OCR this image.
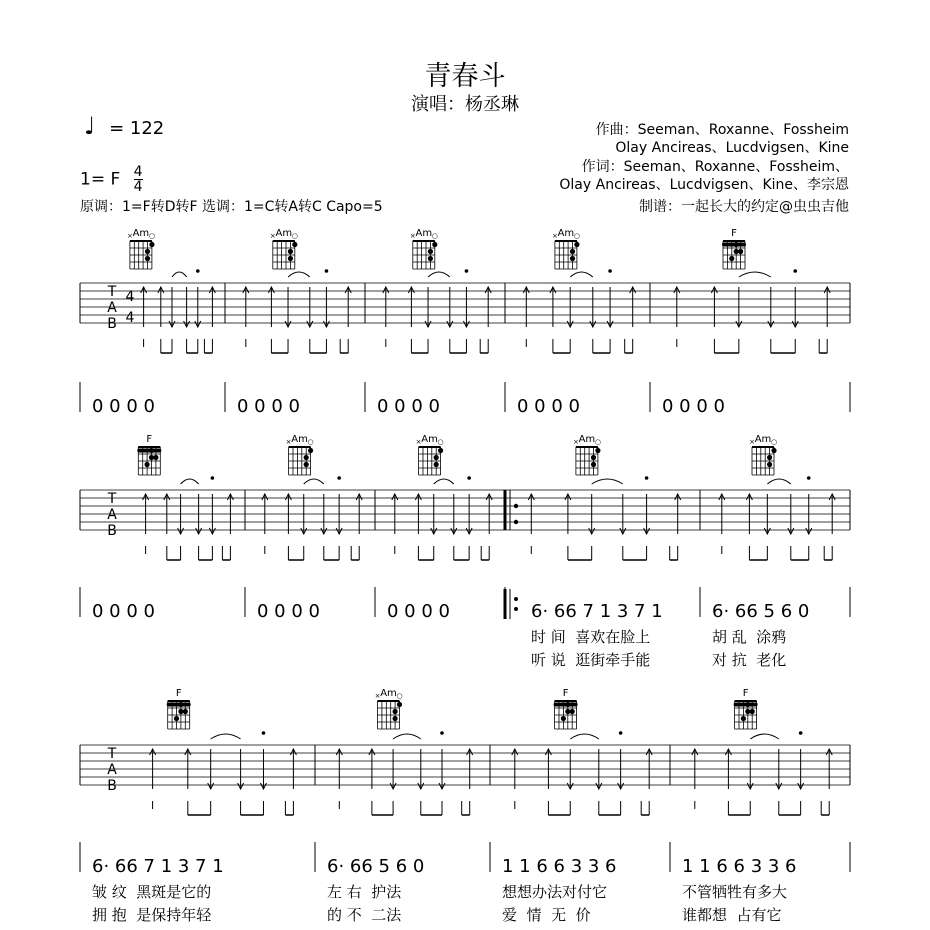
青春斗
演唱：杨丞琳
♩ = 122
1= F $\frac{4}{4}$
作曲：Seeman、Roxanne、Fossheim
Olay Ancireas、Lucdvigsen、Kine
作词：Seeman、Roxanne、Fossheim、
Olay Ancireas、Lucdvigsen、Kine、李宗恩
原调：1=F转D转F 选调：1=C转A转C Capo=5	制谱：一起长大的约定@虫虫吉他
T
A
B
4
4
Am
× ○
0 0 0 0
Am
× ○
0 0 0 0
Am
× ○
0 0 0 0
Am
× ○
0 0 0 0
F
0 0 0 0
T
A
B
F
0 0 0 0
Am
× ○
0 0 0 0
Am
× ○
0 0 0 0
Am
× ○
6· 66 7 1 3 7 1
时 间  喜欢在脸上
听 说  逛街牵手能
Am
× ○
6· 66 5 6 0
胡 乱  涂鸦
对 抗  老化
T
A
B
F
6· 66 7 1 3 7 1
皱 纹  黑斑是它的
拥 抱  是保持年轻
Am
× ○
6· 66 5 6 0
左 右  护法
的 不  二法
F
1 1 6 6 3 3 6
想想办法对付它
爱  情  无  价
F
1 1 6 6 3 3 6
不管牺牲有多大
谁都想  占有它
